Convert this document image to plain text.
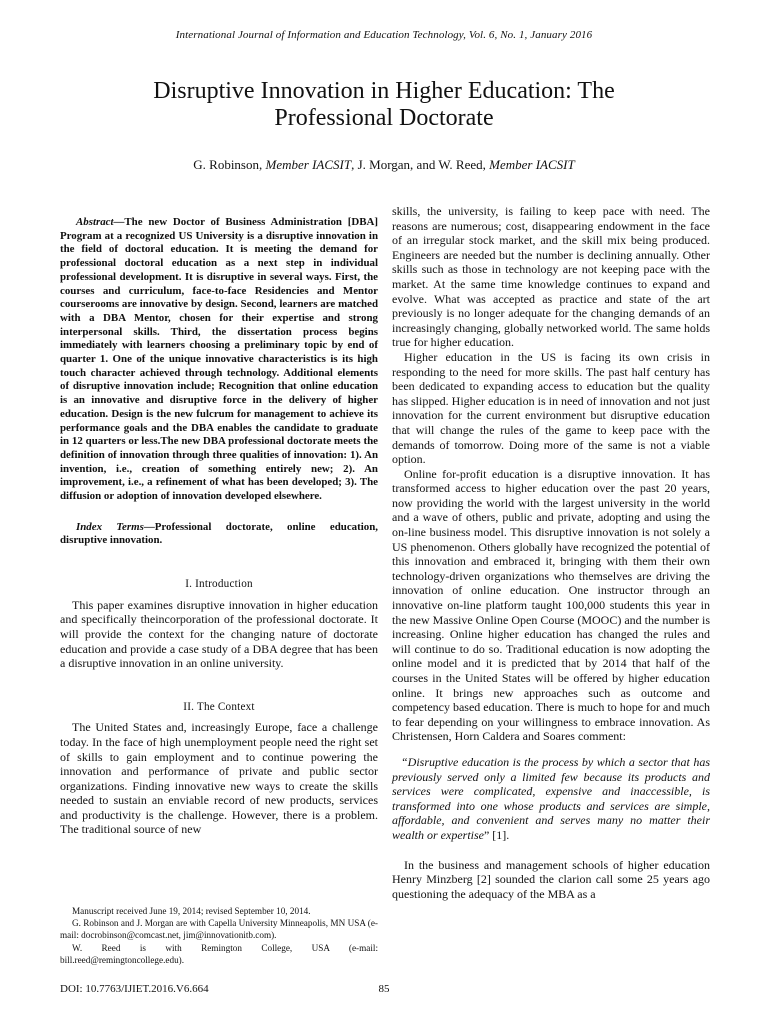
International Journal of Information and Education Technology, Vol. 6, No. 1, January 2016
Disruptive Innovation in Higher Education: The
Professional Doctorate
G. Robinson, Member IACSIT, J. Morgan, and W. Reed, Member IACSIT

Abstract—The new Doctor of Business Administration [DBA] Program at a recognized US University is a disruptive innovation in the field of doctoral education. It is meeting the demand for professional doctoral education as a next step in individual professional development. It is disruptive in several ways. First, the courses and curriculum, face-to-face Residencies and Mentor courserooms are innovative by design. Second, learners are matched with a DBA Mentor, chosen for their expertise and strong interpersonal skills. Third, the dissertation process begins immediately with learners choosing a preliminary topic by end of quarter 1. One of the unique innovative characteristics is its high touch character achieved through technology. Additional elements of disruptive innovation include; Recognition that online education is an innovative and disruptive force in the delivery of higher education. Design is the new fulcrum for management to achieve its performance goals and the DBA enables the candidate to graduate in 12 quarters or less.The new DBA professional doctorate meets the definition of innovation through three qualities of innovation: 1). An invention, i.e., creation of something entirely new; 2). An improvement, i.e., a refinement of what has been developed; 3). The diffusion or adoption of innovation developed elsewhere.

Index Terms—Professional doctorate, online education, disruptive innovation.

I. Introduction

This paper examines disruptive innovation in higher education and specifically theincorporation of the professional doctorate. It will provide the context for the changing nature of doctorate education and provide a case study of a DBA degree that has been a disruptive innovation in an online university.

II. The Context

The United States and, increasingly Europe, face a challenge today. In the face of high unemployment people need the right set of skills to gain employment and to continue powering the innovation and performance of private and public sector organizations. Finding innovative new ways to create the skills needed to sustain an enviable record of new products, services and productivity is the challenge. However, there is a problem. The traditional source of new

skills, the university, is failing to keep pace with need. The reasons are numerous; cost, disappearing endowment in the face of an irregular stock market, and the skill mix being produced. Engineers are needed but the number is declining annually. Other skills such as those in technology are not keeping pace with the market. At the same time knowledge continues to expand and evolve. What was accepted as practice and state of the art previously is no longer adequate for the changing demands of an increasingly changing, globally networked world. The same holds true for higher education.

Higher education in the US is facing its own crisis in responding to the need for more skills. The past half century has been dedicated to expanding access to education but the quality has slipped. Higher education is in need of innovation and not just innovation for the current environment but disruptive education that will change the rules of the game to keep pace with the demands of tomorrow. Doing more of the same is not a viable option.

Online for-profit education is a disruptive innovation. It has transformed access to higher education over the past 20 years, now providing the world with the largest university in the world and a wave of others, public and private, adopting and using the on-line business model. This disruptive innovation is not solely a US phenomenon. Others globally have recognized the potential of this innovation and embraced it, bringing with them their own technology-driven organizations who themselves are driving the innovation of online education. One instructor through an innovative on-line platform taught 100,000 students this year in the new Massive Online Open Course (MOOC) and the number is increasing. Online higher education has changed the rules and will continue to do so. Traditional education is now adopting the online model and it is predicted that by 2014 that half of the courses in the United States will be offered by higher education online. It brings new approaches such as outcome and competency based education. There is much to hope for and much to fear depending on your willingness to embrace innovation. As Christensen, Horn Caldera and Soares comment:

“Disruptive education is the process by which a sector that has previously served only a limited few because its products and services were complicated, expensive and inaccessible, is transformed into one whose products and services are simple, affordable, and convenient and serves many no matter their wealth or expertise” [1].

In the business and management schools of higher education Henry Minzberg [2] sounded the clarion call some 25 years ago questioning the adequacy of the MBA as a

Manuscript received June 19, 2014; revised September 10, 2014.

G. Robinson and J. Morgan are with Capella University Minneapolis, MN USA (e-mail: docrobinson@comcast.net, jim@innovationitb.com).

W. Reed is with Remington College, USA (e-mail: bill.reed@remingtoncollege.edu).

DOI: 10.7763/IJIET.2016.V6.664	85
